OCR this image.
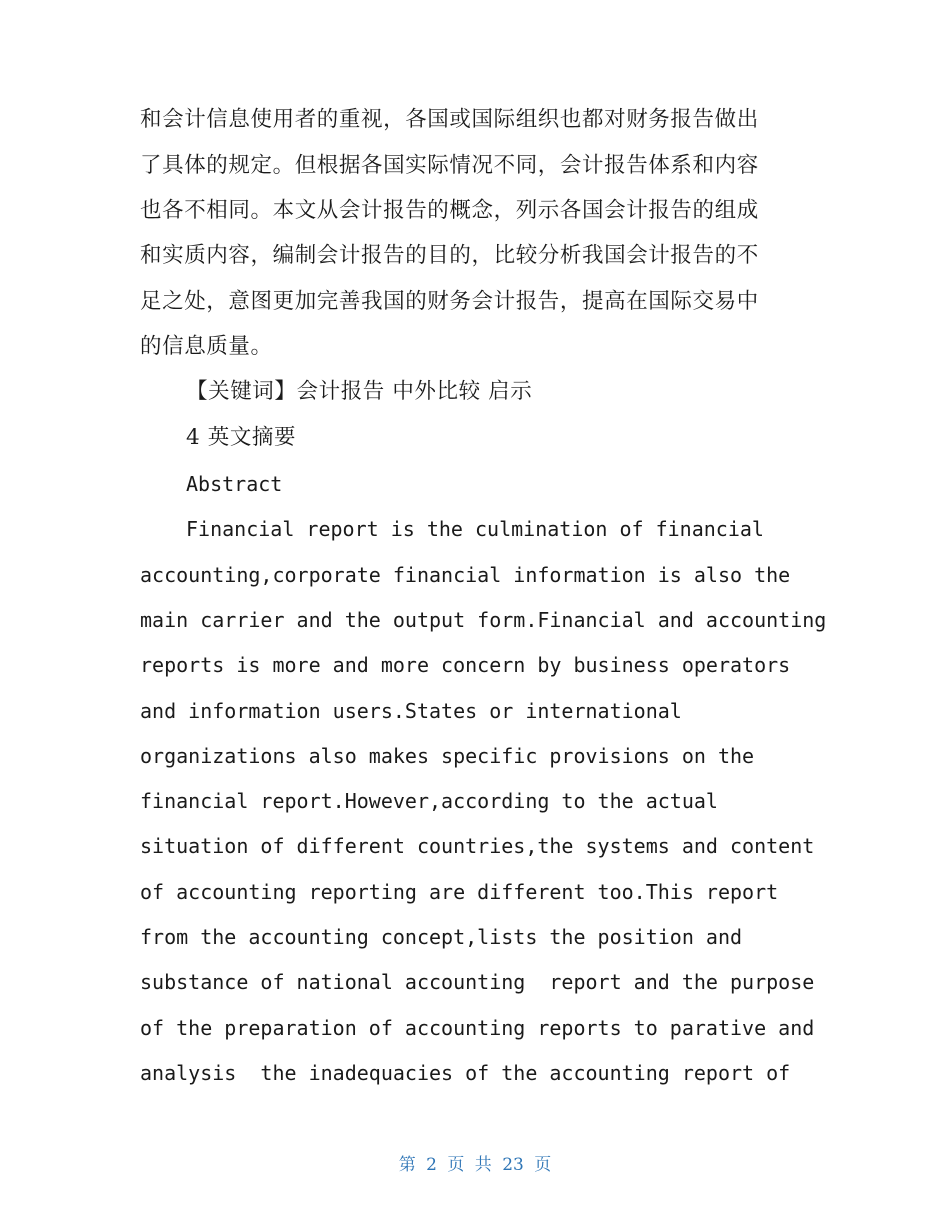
和会计信息使用者的重视，各国或国际组织也都对财务报告做出
了具体的规定。但根据各国实际情况不同，会计报告体系和内容
也各不相同。本文从会计报告的概念，列示各国会计报告的组成
和实质内容，编制会计报告的目的，比较分析我国会计报告的不
足之处，意图更加完善我国的财务会计报告，提高在国际交易中
的信息质量。
【关键词】会计报告 中外比较 启示
4 英文摘要
Abstract
Financial report is the culmination of financial
accounting,corporate financial information is also the
main carrier and the output form.Financial and accounting
reports is more and more concern by business operators
and information users.States or international
organizations also makes specific provisions on the
financial report.However,according to the actual
situation of different countries,the systems and content
of accounting reporting are different too.This report
from the accounting concept,lists the position and
substance of national accounting  report and the purpose
of the preparation of accounting reports to parative and
analysis  the inadequacies of the accounting report of
第 2 页 共 23 页
